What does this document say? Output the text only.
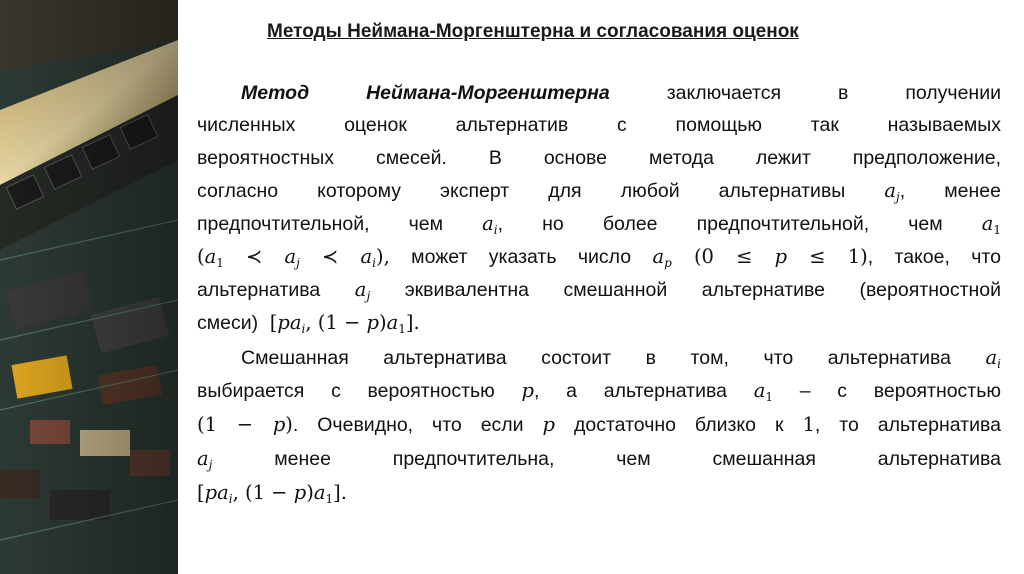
Методы Неймана-Моргенштерна и согласования оценок
Метод Неймана-Моргенштерна	заключается в получении
численных оценок альтернатив с помощью так называемых
вероятностных смесей. В основе метода лежит предположение,
согласно которому эксперт для любой альтернативы $a_j$, менее
предпочтительной, чем $a_i$, но более предпочтительной, чем $a_1$
($a_1$ ≺ $a_j$ ≺ $a_i$), может указать число $a_p$ (0 ≤ p ≤ 1), такое, что
альтернатива $a_j$ эквивалентна смешанной альтернативе (вероятностной
смеси)  [$pa_i$, $(1 - p)a_1$].
Смешанная альтернатива состоит в том, что альтернатива $a_i$
выбирается с вероятностью p, а альтернатива $a_1$ – с вероятностью
(1 − p). Очевидно, что если p достаточно близко к 1, то альтернатива
$a_j$	менее предпочтительна, чем смешанная альтернатива
[$pa_i$, $(1 - p)a_1$].
